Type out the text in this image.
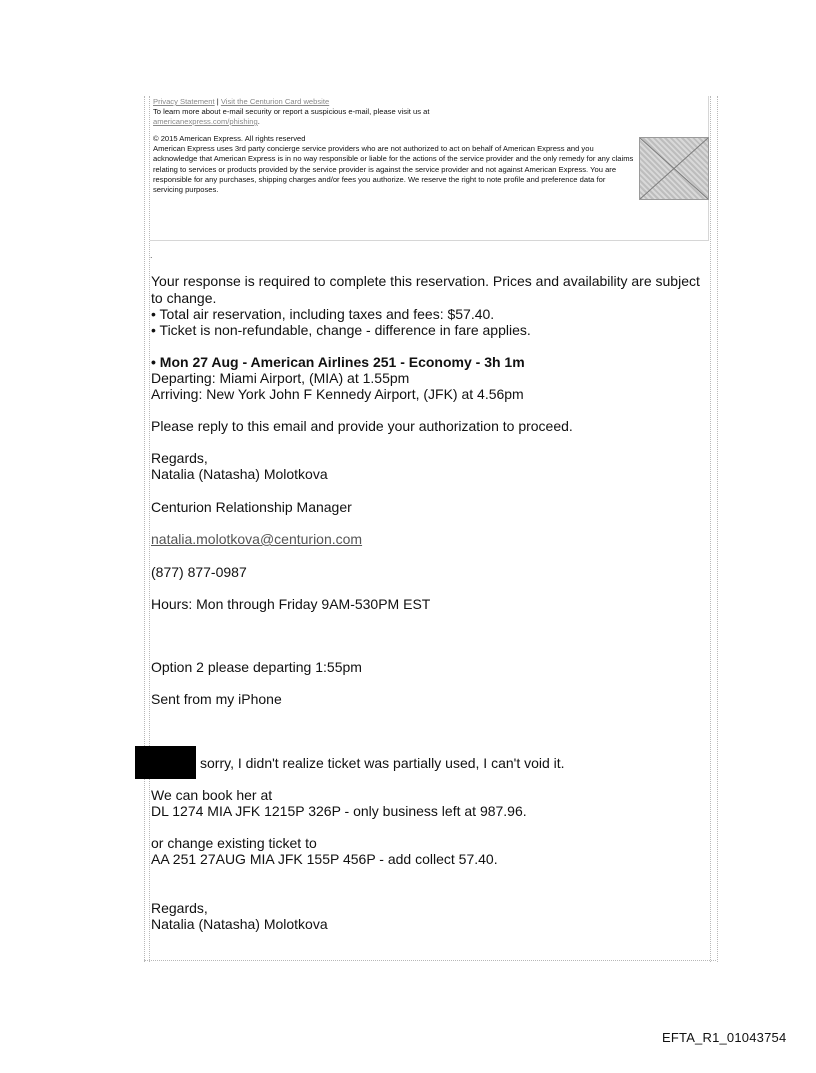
Privacy Statement | Visit the Centurion Card website
To learn more about e-mail security or report a suspicious e-mail, please visit us at
americanexpress.com/phishing.
© 2015 American Express. All rights reserved
American Express uses 3rd party concierge service providers who are not authorized to act on behalf of American Express and you acknowledge that American Express is in no way responsible or liable for the actions of the service provider and the only remedy for any claims relating to services or products provided by the service provider is against the service provider and not against American Express. You are responsible for any purchases, shipping charges and/or fees you authorize. We reserve the right to note profile and preference data for servicing purposes.
.
Your response is required to complete this reservation. Prices and availability are subject to change.
• Total air reservation, including taxes and fees: $57.40.
• Ticket is non-refundable, change - difference in fare applies.
• Mon 27 Aug - American Airlines 251 - Economy - 3h 1m
Departing: Miami Airport, (MIA) at 1.55pm
Arriving: New York John F Kennedy Airport, (JFK) at 4.56pm
Please reply to this email and provide your authorization to proceed.
Regards,
Natalia (Natasha) Molotkova
Centurion Relationship Manager
natalia.molotkova@centurion.com
(877) 877-0987
Hours: Mon through Friday 9AM-530PM EST
Option 2 please departing 1:55pm
Sent from my iPhone
sorry, I didn't realize ticket was partially used, I can't void it.
We can book her at
DL 1274 MIA JFK 1215P 326P - only business left at 987.96.
or change existing ticket to
AA 251 27AUG MIA JFK 155P 456P - add collect 57.40.
Regards,
Natalia (Natasha) Molotkova
EFTA_R1_01043754
